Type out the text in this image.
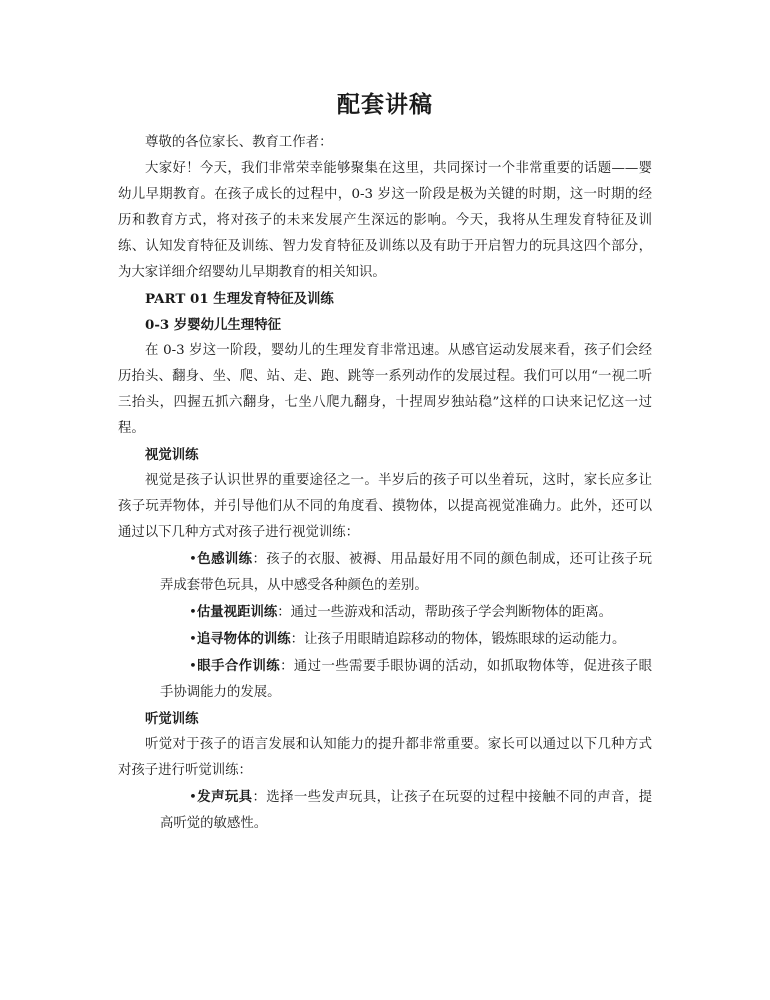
配套讲稿

尊敬的各位家长、教育工作者：

大家好！今天，我们非常荣幸能够聚集在这里，共同探讨一个非常重要的话题——婴幼儿早期教育。在孩子成长的过程中，0-3 岁这一阶段是极为关键的时期，这一时期的经历和教育方式，将对孩子的未来发展产生深远的影响。今天，我将从生理发育特征及训练、认知发育特征及训练、智力发育特征及训练以及有助于开启智力的玩具这四个部分，为大家详细介绍婴幼儿早期教育的相关知识。

PART 01 生理发育特征及训练

0-3 岁婴幼儿生理特征

在 0-3 岁这一阶段，婴幼儿的生理发育非常迅速。从感官运动发展来看，孩子们会经历抬头、翻身、坐、爬、站、走、跑、跳等一系列动作的发展过程。我们可以用“一视二听三抬头，四握五抓六翻身，七坐八爬九翻身，十捏周岁独站稳”这样的口诀来记忆这一过程。

视觉训练

视觉是孩子认识世界的重要途径之一。半岁后的孩子可以坐着玩，这时，家长应多让孩子玩弄物体，并引导他们从不同的角度看、摸物体，以提高视觉准确力。此外，还可以通过以下几种方式对孩子进行视觉训练：

•色感训练：孩子的衣服、被褥、用品最好用不同的颜色制成，还可让孩子玩弄成套带色玩具，从中感受各种颜色的差别。

•估量视距训练：通过一些游戏和活动，帮助孩子学会判断物体的距离。

•追寻物体的训练：让孩子用眼睛追踪移动的物体，锻炼眼球的运动能力。

•眼手合作训练：通过一些需要手眼协调的活动，如抓取物体等，促进孩子眼手协调能力的发展。

听觉训练

听觉对于孩子的语言发展和认知能力的提升都非常重要。家长可以通过以下几种方式对孩子进行听觉训练：

•发声玩具：选择一些发声玩具，让孩子在玩耍的过程中接触不同的声音，提高听觉的敏感性。
